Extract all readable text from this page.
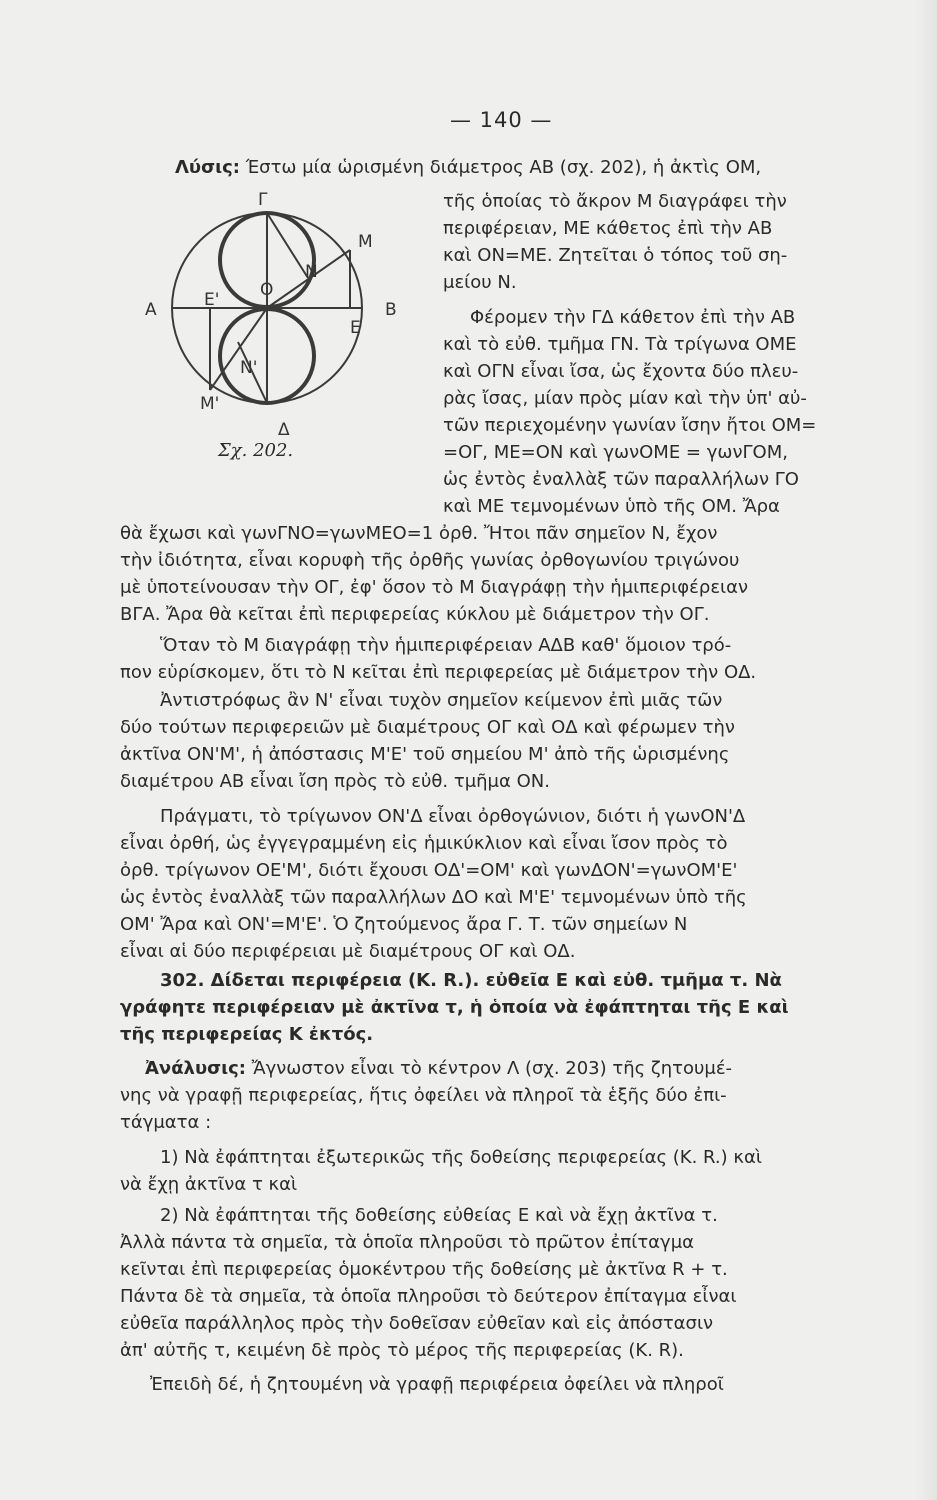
— 140 —
Γ
Μ
Ν
Ο
Ε'
Α
Ε
Β
Ν'
Μ'
Δ
Σχ. 202.
Λύσις: Έστω μία ὡρισμένη διάμετρος ΑΒ (σχ. 202), ἡ ἀκτὶς ΟΜ,
τῆς ὁποίας τὸ ἄκρον Μ διαγράφει τὴν
περιφέρειαν, ΜΕ κάθετος ἐπὶ τὴν ΑΒ
καὶ ΟΝ=ΜΕ. Ζητεῖται ὁ τόπος τοῦ ση-
μείου Ν.
Φέρομεν τὴν ΓΔ κάθετον ἐπὶ τὴν ΑΒ
καὶ τὸ εὐθ. τμῆμα ΓΝ. Τὰ τρίγωνα ΟΜΕ
καὶ ΟΓΝ εἶναι ἴσα, ὡς ἔχοντα δύο πλευ-
ρὰς ἴσας, μίαν πρὸς μίαν καὶ τὴν ὑπ' αὐ-
τῶν περιεχομένην γωνίαν ἴσην ἤτοι ΟΜ=
=ΟΓ, ΜΕ=ΟΝ καὶ γωνΟΜΕ = γωνΓΟΜ,
ὡς ἐντὸς ἐναλλὰξ τῶν παραλλήλων ΓΟ
καὶ ΜΕ τεμνομένων ὑπὸ τῆς ΟΜ. Ἄρα
θὰ ἔχωσι καὶ γωνΓΝΟ=γωνΜΕΟ=1 ὀρθ. Ἤτοι πᾶν σημεῖον Ν, ἔχον
τὴν ἰδιότητα, εἶναι κορυφὴ τῆς ὀρθῆς γωνίας ὀρθογωνίου τριγώνου
μὲ ὑποτείνουσαν τὴν ΟΓ, ἐφ' ὅσον τὸ Μ διαγράφῃ τὴν ἡμιπεριφέρειαν
ΒΓΑ. Ἄρα θὰ κεῖται ἐπὶ περιφερείας κύκλου μὲ διάμετρον τὴν ΟΓ.
Ὅταν τὸ Μ διαγράφῃ τὴν ἡμιπεριφέρειαν ΑΔΒ καθ' ὅμοιον τρό-
πον εὑρίσκομεν, ὅτι τὸ Ν κεῖται ἐπὶ περιφερείας μὲ διάμετρον τὴν ΟΔ.
Ἀντιστρόφως ἂν Ν' εἶναι τυχὸν σημεῖον κείμενον ἐπὶ μιᾶς τῶν
δύο τούτων περιφερειῶν μὲ διαμέτρους ΟΓ καὶ ΟΔ καὶ φέρωμεν τὴν
ἀκτῖνα ΟΝ'Μ', ἡ ἀπόστασις Μ'Ε' τοῦ σημείου Μ' ἀπὸ τῆς ὡρισμένης
διαμέτρου ΑΒ εἶναι ἴση πρὸς τὸ εὐθ. τμῆμα ΟΝ.
Πράγματι, τὸ τρίγωνον ΟΝ'Δ εἶναι ὀρθογώνιον, διότι ἡ γωνΟΝ'Δ
εἶναι ὀρθή, ὡς ἐγγεγραμμένη εἰς ἡμικύκλιον καὶ εἶναι ἴσον πρὸς τὸ
ὀρθ. τρίγωνον ΟΕ'Μ', διότι ἔχουσι ΟΔ'=ΟΜ' καὶ γωνΔΟΝ'=γωνΟΜ'Ε'
ὡς ἐντὸς ἐναλλὰξ τῶν παραλλήλων ΔΟ καὶ Μ'Ε' τεμνομένων ὑπὸ τῆς
ΟΜ' Ἄρα καὶ ΟΝ'=Μ'Ε'. Ὁ ζητούμενος ἄρα Γ. Τ. τῶν σημείων Ν
εἶναι αἱ δύο περιφέρειαι μὲ διαμέτρους ΟΓ καὶ ΟΔ.
302. Δίδεται περιφέρεια (Κ. R.). εὐθεῖα Ε καὶ εὐθ. τμῆμα τ. Νὰ
γράφητε περιφέρειαν μὲ ἀκτῖνα τ, ἡ ὁποία νὰ ἐφάπτηται τῆς Ε καὶ
τῆς περιφερείας Κ ἐκτός.
Ἀνάλυσις: Ἄγνωστον εἶναι τὸ κέντρον Λ (σχ. 203) τῆς ζητουμέ-
νης νὰ γραφῇ περιφερείας, ἥτις ὀφείλει νὰ πληροῖ τὰ ἑξῆς δύο ἐπι-
τάγματα :
1) Νὰ ἐφάπτηται ἐξωτερικῶς τῆς δοθείσης περιφερείας (Κ. R.) καὶ
νὰ ἔχῃ ἀκτῖνα τ καὶ
2) Νὰ ἐφάπτηται τῆς δοθείσης εὐθείας Ε καὶ νὰ ἔχῃ ἀκτῖνα τ.
Ἀλλὰ πάντα τὰ σημεῖα, τὰ ὁποῖα πληροῦσι τὸ πρῶτον ἐπίταγμα
κεῖνται ἐπὶ περιφερείας ὁμοκέντρου τῆς δοθείσης μὲ ἀκτῖνα R + τ.
Πάντα δὲ τὰ σημεῖα, τὰ ὁποῖα πληροῦσι τὸ δεύτερον ἐπίταγμα εἶναι
εὐθεῖα παράλληλος πρὸς τὴν δοθεῖσαν εὐθεῖαν καὶ εἰς ἀπόστασιν
ἀπ' αὐτῆς τ, κειμένη δὲ πρὸς τὸ μέρος τῆς περιφερείας (Κ. R).
Ἐπειδὴ δέ, ἡ ζητουμένη νὰ γραφῇ περιφέρεια ὀφείλει νὰ πληροῖ
